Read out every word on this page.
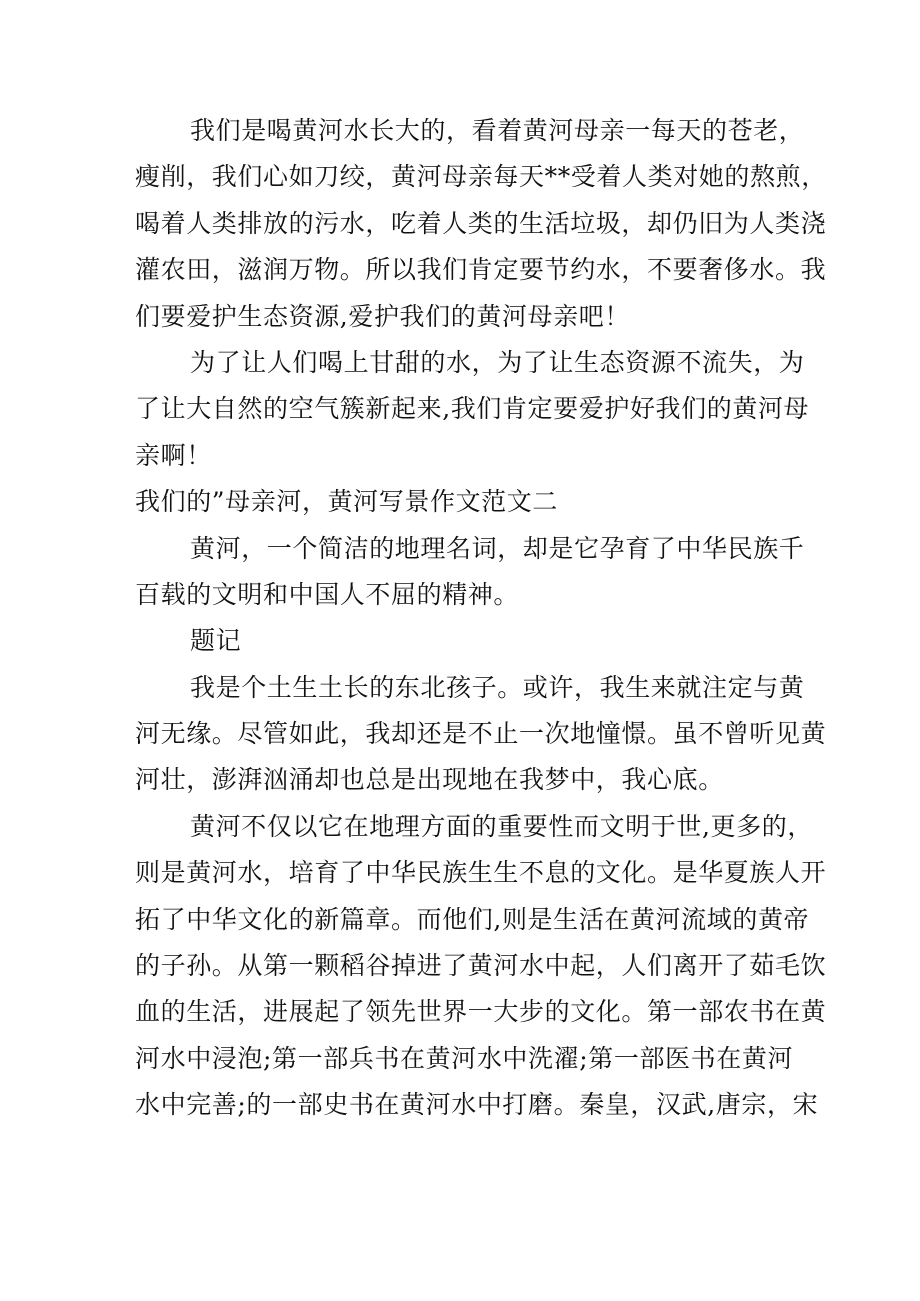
我们是喝黄河水长大的，看着黄河母亲一每天的苍老，
瘦削，我们心如刀绞，黄河母亲每天**受着人类对她的熬煎，
喝着人类排放的污水，吃着人类的生活垃圾，却仍旧为人类浇
灌农田，滋润万物。所以我们肯定要节约水，不要奢侈水。我
们要爱护生态资源,爱护我们的黄河母亲吧！
为了让人们喝上甘甜的水，为了让生态资源不流失，为
了让大自然的空气簇新起来,我们肯定要爱护好我们的黄河母
亲啊！
我们的”母亲河，黄河写景作文范文二
黄河，一个简洁的地理名词，却是它孕育了中华民族千
百载的文明和中国人不屈的精神。
题记
我是个土生土长的东北孩子。或许，我生来就注定与黄
河无缘。尽管如此，我却还是不止一次地憧憬。虽不曾听见黄
河壮，澎湃汹涌却也总是出现地在我梦中，我心底。
黄河不仅以它在地理方面的重要性而文明于世,更多的，
则是黄河水，培育了中华民族生生不息的文化。是华夏族人开
拓了中华文化的新篇章。而他们,则是生活在黄河流域的黄帝
的子孙。从第一颗稻谷掉进了黄河水中起，人们离开了茹毛饮
血的生活，进展起了领先世界一大步的文化。第一部农书在黄
河水中浸泡;第一部兵书在黄河水中洗濯;第一部医书在黄河
水中完善;的一部史书在黄河水中打磨。秦皇，汉武,唐宗，宋
